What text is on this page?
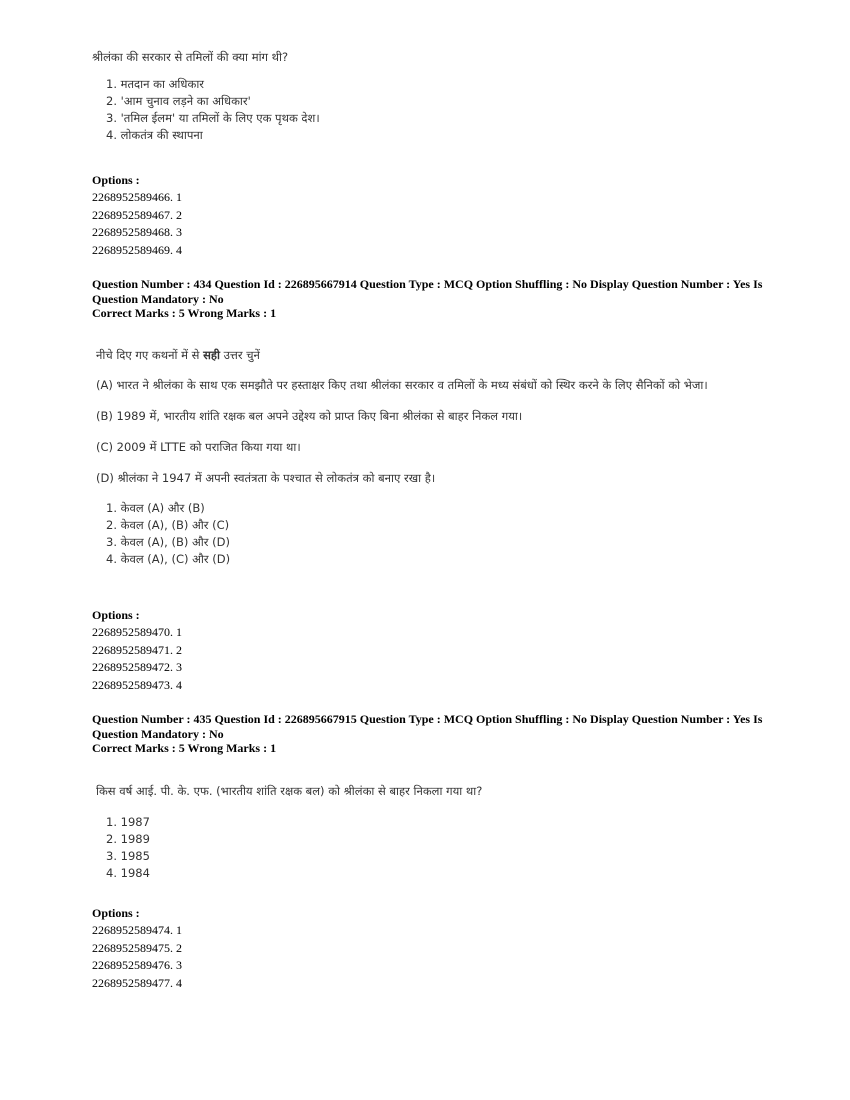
श्रीलंका की सरकार से तमिलों की क्या मांग थी?

1. मतदान का अधिकार
2. 'आम चुनाव लड़ने का अधिकार'
3. 'तमिल ईलम' या तमिलों के लिए एक पृथक देश।
4. लोकतंत्र की स्थापना
Options :
2268952589466. 1
2268952589467. 2
2268952589468. 3
2268952589469. 4
Question Number : 434 Question Id : 226895667914 Question Type : MCQ Option Shuffling : No Display Question Number : Yes Is
Question Mandatory : No
Correct Marks : 5 Wrong Marks : 1

नीचे दिए गए कथनों में से सही उत्तर चुनें

(A) भारत ने श्रीलंका के साथ एक समझौते पर हस्ताक्षर किए तथा श्रीलंका सरकार व तमिलों के मध्य संबंधों को स्थिर करने के लिए सैनिकों को भेजा।

(B) 1989 में, भारतीय शांति रक्षक बल अपने उद्देश्य को प्राप्त किए बिना श्रीलंका से बाहर निकल गया।

(C) 2009 में LTTE को पराजित किया गया था।

(D) श्रीलंका ने 1947 में अपनी स्वतंत्रता के पश्चात से लोकतंत्र को बनाए रखा है।

1. केवल (A) और (B)
2. केवल (A), (B) और (C)
3. केवल (A), (B) और (D)
4. केवल (A), (C) और (D)
Options :
2268952589470. 1
2268952589471. 2
2268952589472. 3
2268952589473. 4
Question Number : 435 Question Id : 226895667915 Question Type : MCQ Option Shuffling : No Display Question Number : Yes Is
Question Mandatory : No
Correct Marks : 5 Wrong Marks : 1

किस वर्ष आई. पी. के. एफ. (भारतीय शांति रक्षक बल) को श्रीलंका से बाहर निकला गया था?

1. 1987
2. 1989
3. 1985
4. 1984
Options :
2268952589474. 1
2268952589475. 2
2268952589476. 3
2268952589477. 4
